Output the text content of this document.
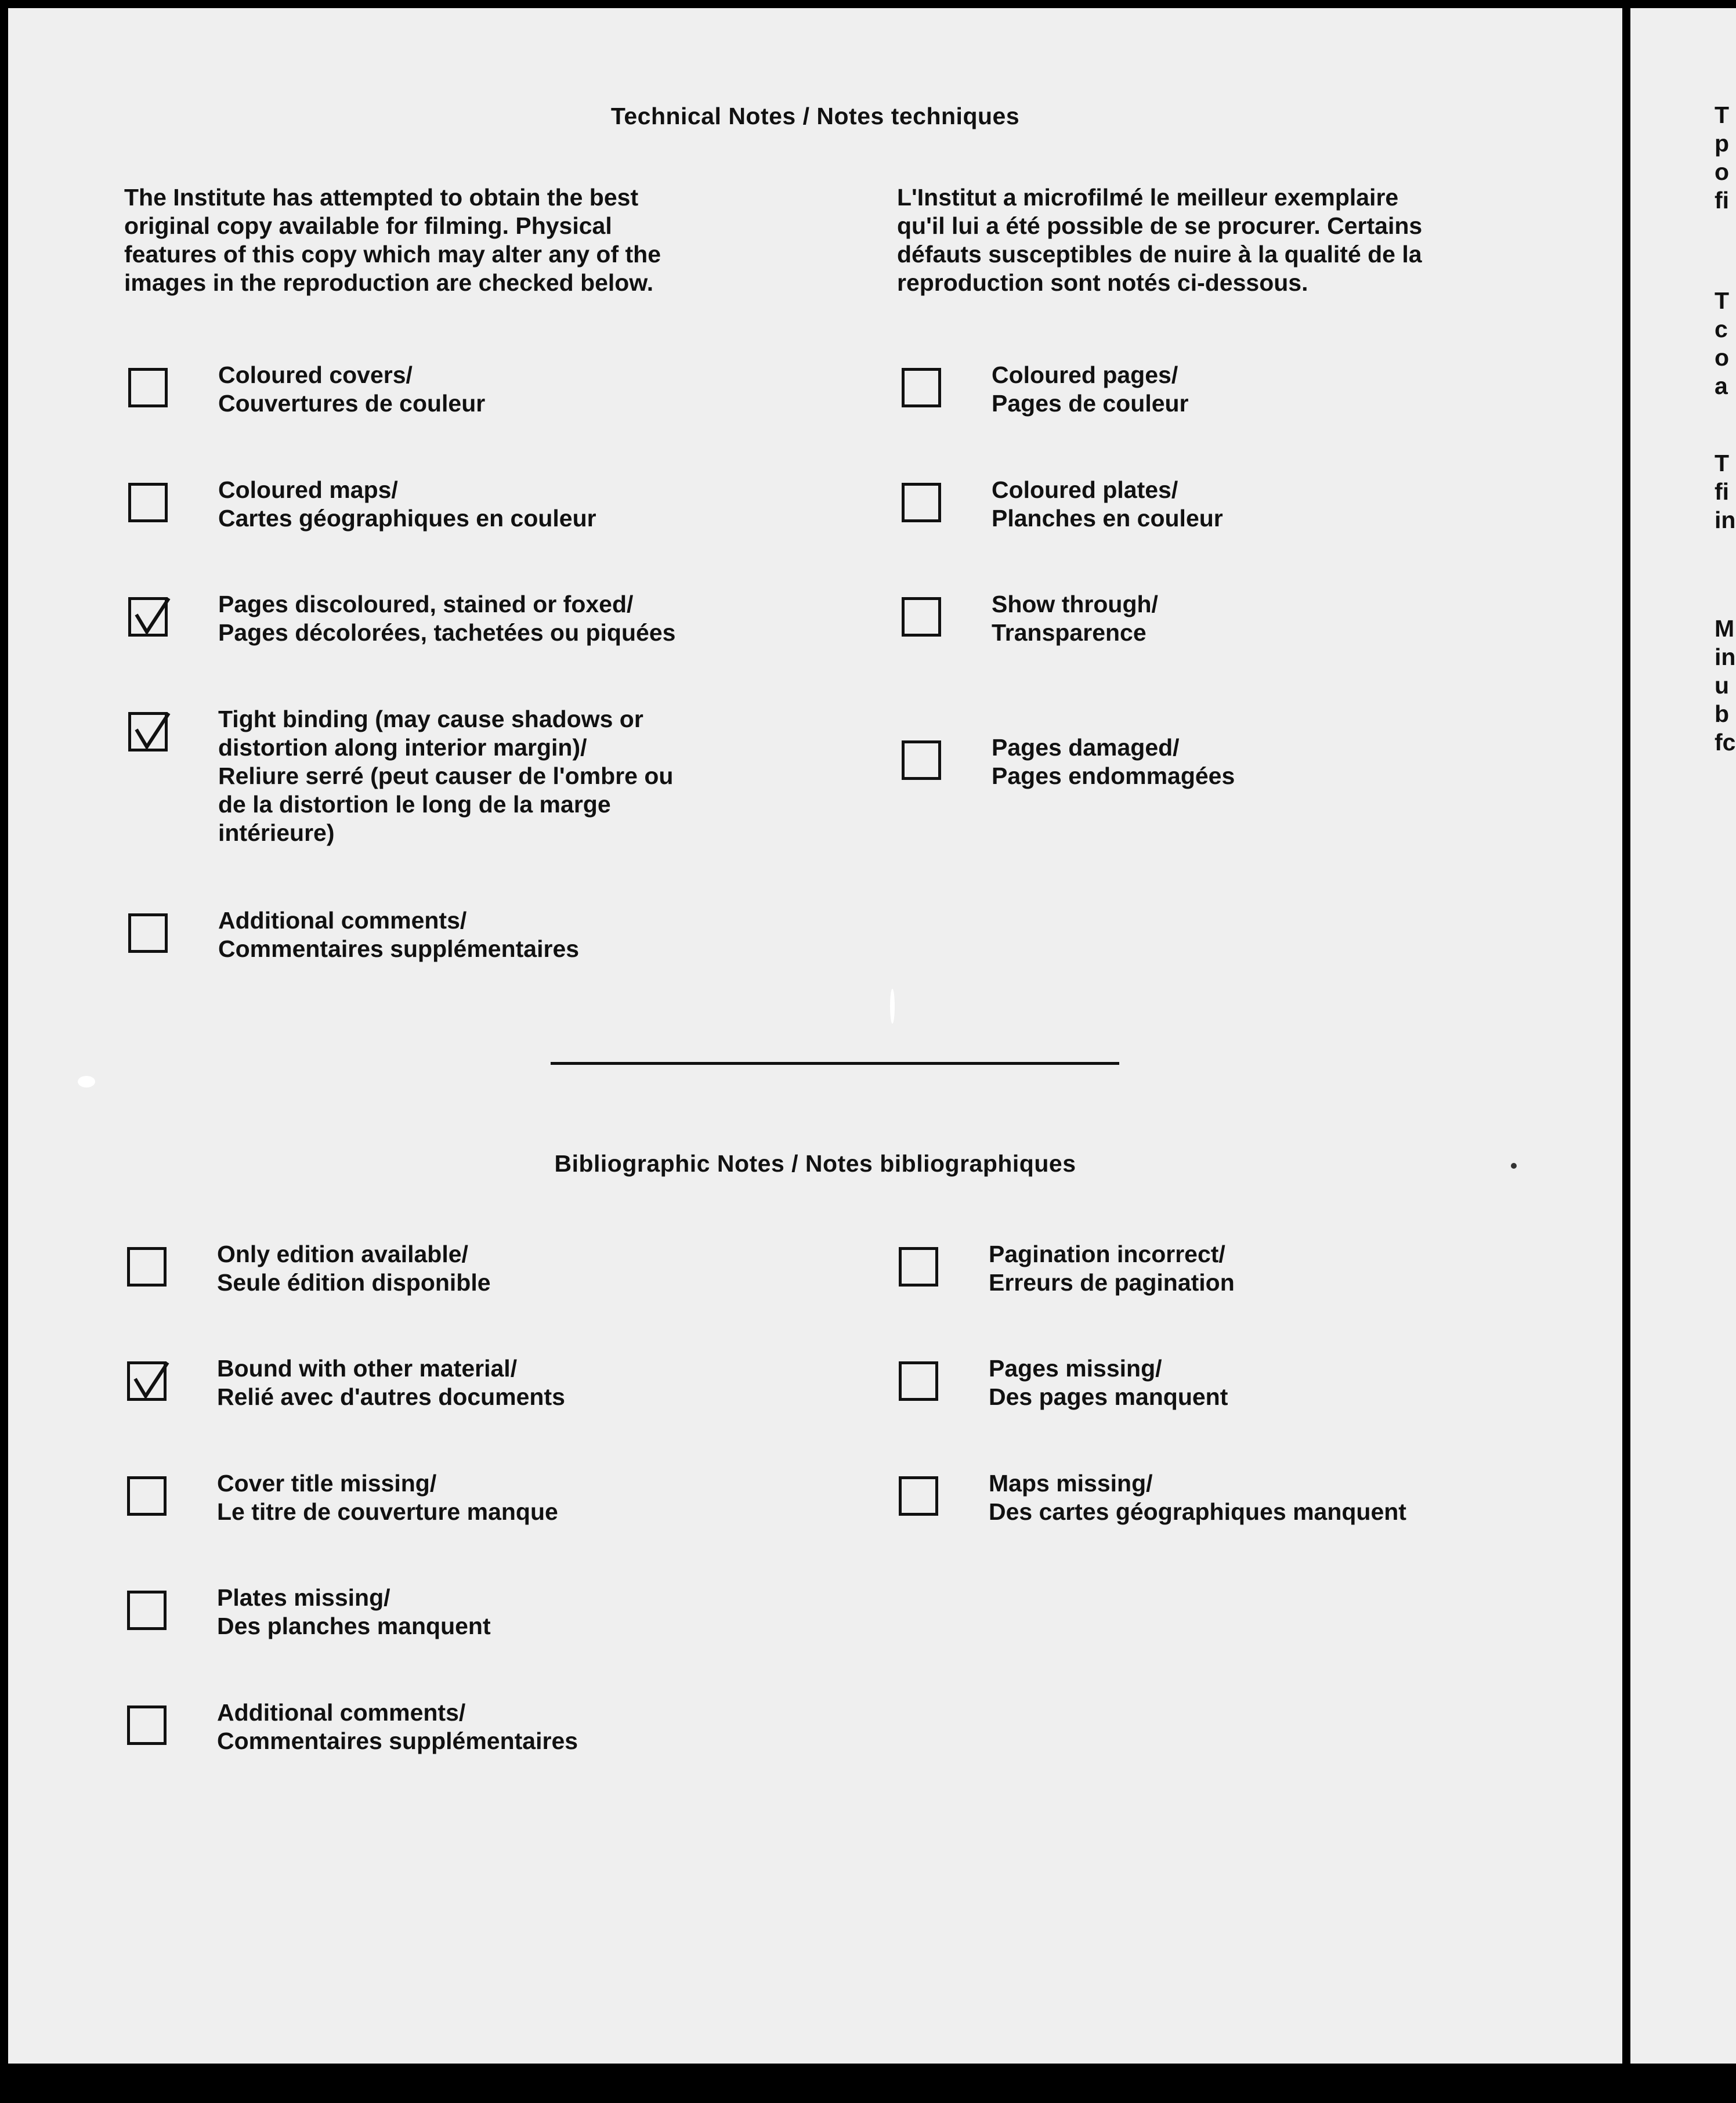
Technical Notes / Notes techniques

The Institute has attempted to obtain the best
original copy available for filming. Physical
features of this copy which may alter any of the
images in the reproduction are checked below.

L'Institut a microfilmé le meilleur exemplaire
qu'il lui a été possible de se procurer. Certains
défauts susceptibles de nuire à la qualité de la
reproduction sont notés ci-dessous.

Coloured covers/
Couvertures de couleur

Coloured maps/
Cartes géographiques en couleur

Pages discoloured, stained or foxed/
Pages décolorées, tachetées ou piquées

Tight binding (may cause shadows or
distortion along interior margin)/
Reliure serré (peut causer de l'ombre ou
de la distortion le long de la marge
intérieure)

Additional comments/
Commentaires supplémentaires

Coloured pages/
Pages de couleur

Coloured plates/
Planches en couleur

Show through/
Transparence

Pages damaged/
Pages endommagées

Bibliographic Notes / Notes bibliographiques

Only edition available/
Seule édition disponible

Bound with other material/
Relié avec d'autres documents

Cover title missing/
Le titre de couverture manque

Plates missing/
Des planches manquent

Additional comments/
Commentaires supplémentaires

Pagination incorrect/
Erreurs de pagination

Pages missing/
Des pages manquent

Maps missing/
Des cartes géographiques manquent

T
p
o
fi

T
c
o
a

T
fi
in

M
in
u
b
fc
